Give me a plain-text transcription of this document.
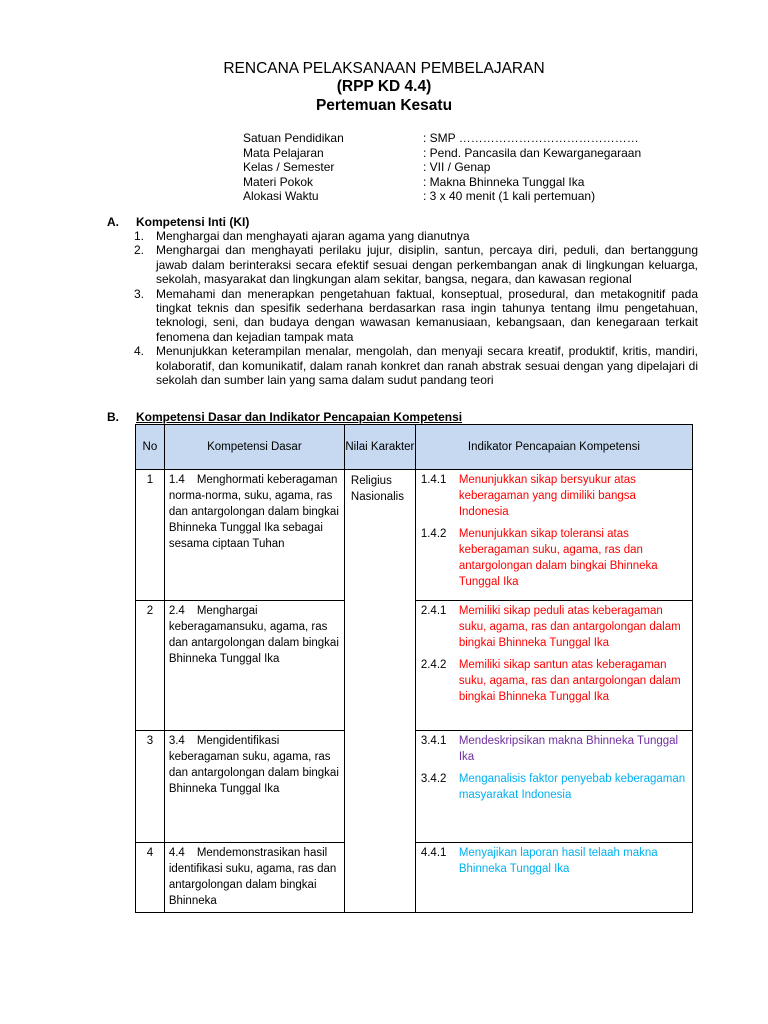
RENCANA PELAKSANAAN PEMBELAJARAN
(RPP KD 4.4)
Pertemuan Kesatu
Satuan Pendidikan	: SMP ………………………………………
Mata Pelajaran	: Pend. Pancasila dan Kewarganegaraan
Kelas / Semester	: VII / Genap
Materi Pokok	: Makna Bhinneka Tunggal Ika
Alokasi Waktu	: 3 x 40 menit (1 kali pertemuan)
A. Kompetensi Inti (KI)
1. Menghargai dan menghayati ajaran agama yang dianutnya
2. Menghargai dan menghayati perilaku jujur, disiplin, santun, percaya diri, peduli, dan bertanggung jawab dalam berinteraksi secara efektif sesuai dengan perkembangan anak di lingkungan keluarga, sekolah, masyarakat dan lingkungan alam sekitar, bangsa, negara, dan kawasan regional
3. Memahami dan menerapkan pengetahuan faktual, konseptual, prosedural, dan metakognitif pada tingkat teknis dan spesifik sederhana berdasarkan rasa ingin tahunya tentang ilmu pengetahuan, teknologi, seni, dan budaya dengan wawasan kemanusiaan, kebangsaan, dan kenegaraan terkait fenomena dan kejadian tampak mata
4. Menunjukkan keterampilan menalar, mengolah, dan menyaji secara kreatif, produktif, kritis, mandiri, kolaboratif, dan komunikatif, dalam ranah konkret dan ranah abstrak sesuai dengan yang dipelajari di sekolah dan sumber lain yang sama dalam sudut pandang teori
B. Kompetensi Dasar dan Indikator Pencapaian Kompetensi
No	Kompetensi Dasar	Nilai Karakter	Indikator Pencapaian Kompetensi
1	1.4 Menghormati keberagaman norma-norma, suku, agama, ras dan antargolongan dalam bingkai Bhinneka Tunggal Ika sebagai sesama ciptaan Tuhan	Religius Nasionalis	1.4.1 Menunjukkan sikap bersyukur atas keberagaman yang dimiliki bangsa Indonesia
1.4.2 Menunjukkan sikap toleransi atas keberagaman suku, agama, ras dan antargolongan dalam bingkai Bhinneka Tunggal Ika

2	2.4 Menghargai keberagamansuku, agama, ras dan antargolongan dalam bingkai Bhinneka Tunggal Ika		2.4.1 Memiliki sikap peduli atas keberagaman suku, agama, ras dan antargolongan dalam bingkai Bhinneka Tunggal Ika
2.4.2 Memiliki sikap santun atas keberagaman suku, agama, ras dan antargolongan dalam bingkai Bhinneka Tunggal Ika

3	3.4 Mengidentifikasi keberagaman suku, agama, ras dan antargolongan dalam bingkai Bhinneka Tunggal Ika		3.4.1 Mendeskripsikan makna Bhinneka Tunggal Ika
3.4.2 Menganalisis faktor penyebab keberagaman masyarakat Indonesia

4	4.4 Mendemonstrasikan hasil identifikasi suku, agama, ras dan antargolongan dalam bingkai Bhinneka		4.4.1 Menyajikan laporan hasil telaah makna Bhinneka Tunggal Ika
